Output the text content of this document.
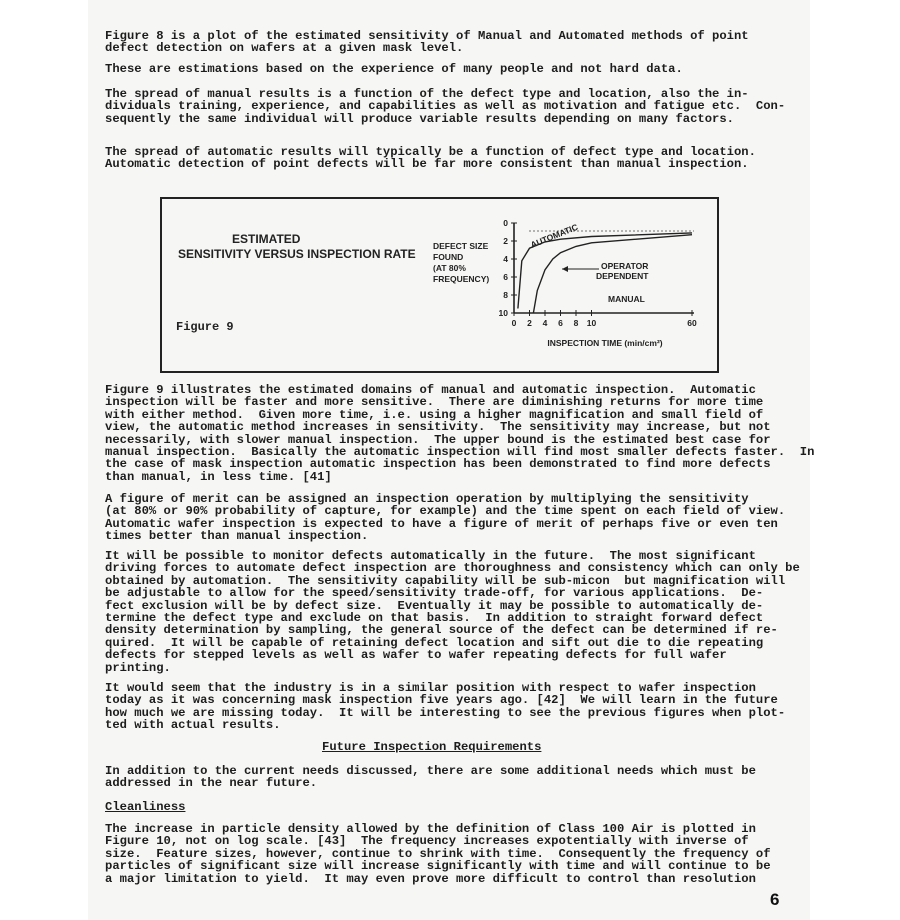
Figure 8 is a plot of the estimated sensitivity of Manual and Automated methods of point
defect detection on wafers at a given mask level.
These are estimations based on the experience of many people and not hard data.
The spread of manual results is a function of the defect type and location, also the in-
dividuals training, experience, and capabilities as well as motivation and fatigue etc.  Con-
sequently the same individual will produce variable results depending on many factors.
The spread of automatic results will typically be a function of defect type and location.
Automatic detection of point defects will be far more consistent than manual inspection.
ESTIMATED
SENSITIVITY VERSUS INSPECTION RATE
Figure 9
DEFECT SIZE
FOUND
(AT 80%
FREQUENCY)
0
2
4
6
8
10
0 2 4 6 8 10	60
INSPECTION TIME (min/cm²)
AUTOMATIC
OPERATOR
DEPENDENT
MANUAL
Figure 9 illustrates the estimated domains of manual and automatic inspection.  Automatic
inspection will be faster and more sensitive.  There are diminishing returns for more time
with either method.  Given more time, i.e. using a higher magnification and small field of
view, the automatic method increases in sensitivity.  The sensitivity may increase, but not
necessarily, with slower manual inspection.  The upper bound is the estimated best case for
manual inspection.  Basically the automatic inspection will find most smaller defects faster.  In
the case of mask inspection automatic inspection has been demonstrated to find more defects
than manual, in less time. [41]
A figure of merit can be assigned an inspection operation by multiplying the sensitivity
(at 80% or 90% probability of capture, for example) and the time spent on each field of view.
Automatic wafer inspection is expected to have a figure of merit of perhaps five or even ten
times better than manual inspection.
It will be possible to monitor defects automatically in the future.  The most significant
driving forces to automate defect inspection are thoroughness and consistency which can only be
obtained by automation.  The sensitivity capability will be sub-micon  but magnification will
be adjustable to allow for the speed/sensitivity trade-off, for various applications.  De-
fect exclusion will be by defect size.  Eventually it may be possible to automatically de-
termine the defect type and exclude on that basis.  In addition to straight forward defect
density determination by sampling, the general source of the defect can be determined if re-
quired.  It will be capable of retaining defect location and sift out die to die repeating
defects for stepped levels as well as wafer to wafer repeating defects for full wafer
printing.
It would seem that the industry is in a similar position with respect to wafer inspection
today as it was concerning mask inspection five years ago. [42]  We will learn in the future
how much we are missing today.  It will be interesting to see the previous figures when plot-
ted with actual results.
Future Inspection Requirements
In addition to the current needs discussed, there are some additional needs which must be
addressed in the near future.
Cleanliness
The increase in particle density allowed by the definition of Class 100 Air is plotted in
Figure 10, not on log scale. [43]  The frequency increases expotentially with inverse of
size.  Feature sizes, however, continue to shrink with time.  Consequently the frequency of
particles of significant size will increase significantly with time and will continue to be
a major limitation to yield.  It may even prove more difficult to control than resolution
6
